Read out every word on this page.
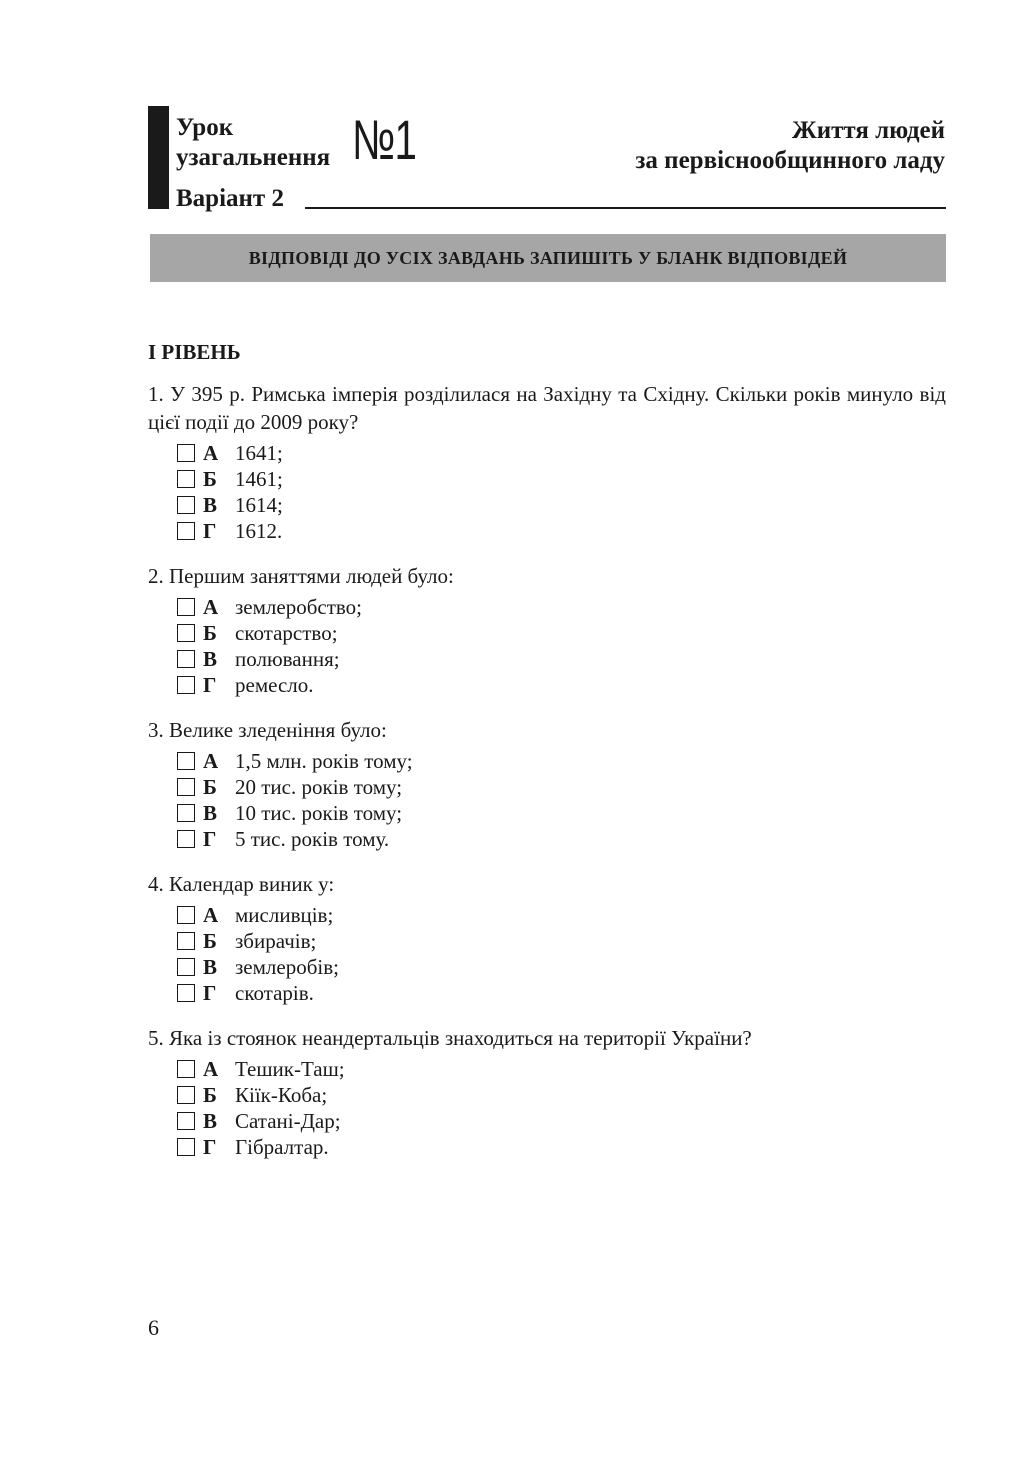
Урок
узагальнення №1
Варіант 2
Життя людей
за первіснообщинного ладу
ВІДПОВІДІ ДО УСІХ ЗАВДАНЬ ЗАПИШІТЬ У БЛАНК ВІДПОВІДЕЙ
І РІВЕНЬ

1. У 395 р. Римська імперія розділилася на Західну та Східну. Скільки років минуло від цієї події до 2009 року?

А 1641;
Б 1461;
В 1614;
Г 1612.

2. Першим заняттями людей було:

А землеробство;
Б скотарство;
В полювання;
Г ремесло.

3. Велике зледеніння було:

А 1,5 млн. років тому;
Б 20 тис. років тому;
В 10 тис. років тому;
Г 5 тис. років тому.

4. Календар виник у:

А мисливців;
Б збирачів;
В землеробів;
Г скотарів.

5. Яка із стоянок неандертальців знаходиться на території України?

А Тешик-Таш;
Б Кіїк-Коба;
В Сатані-Дар;
Г Гібралтар.
6
